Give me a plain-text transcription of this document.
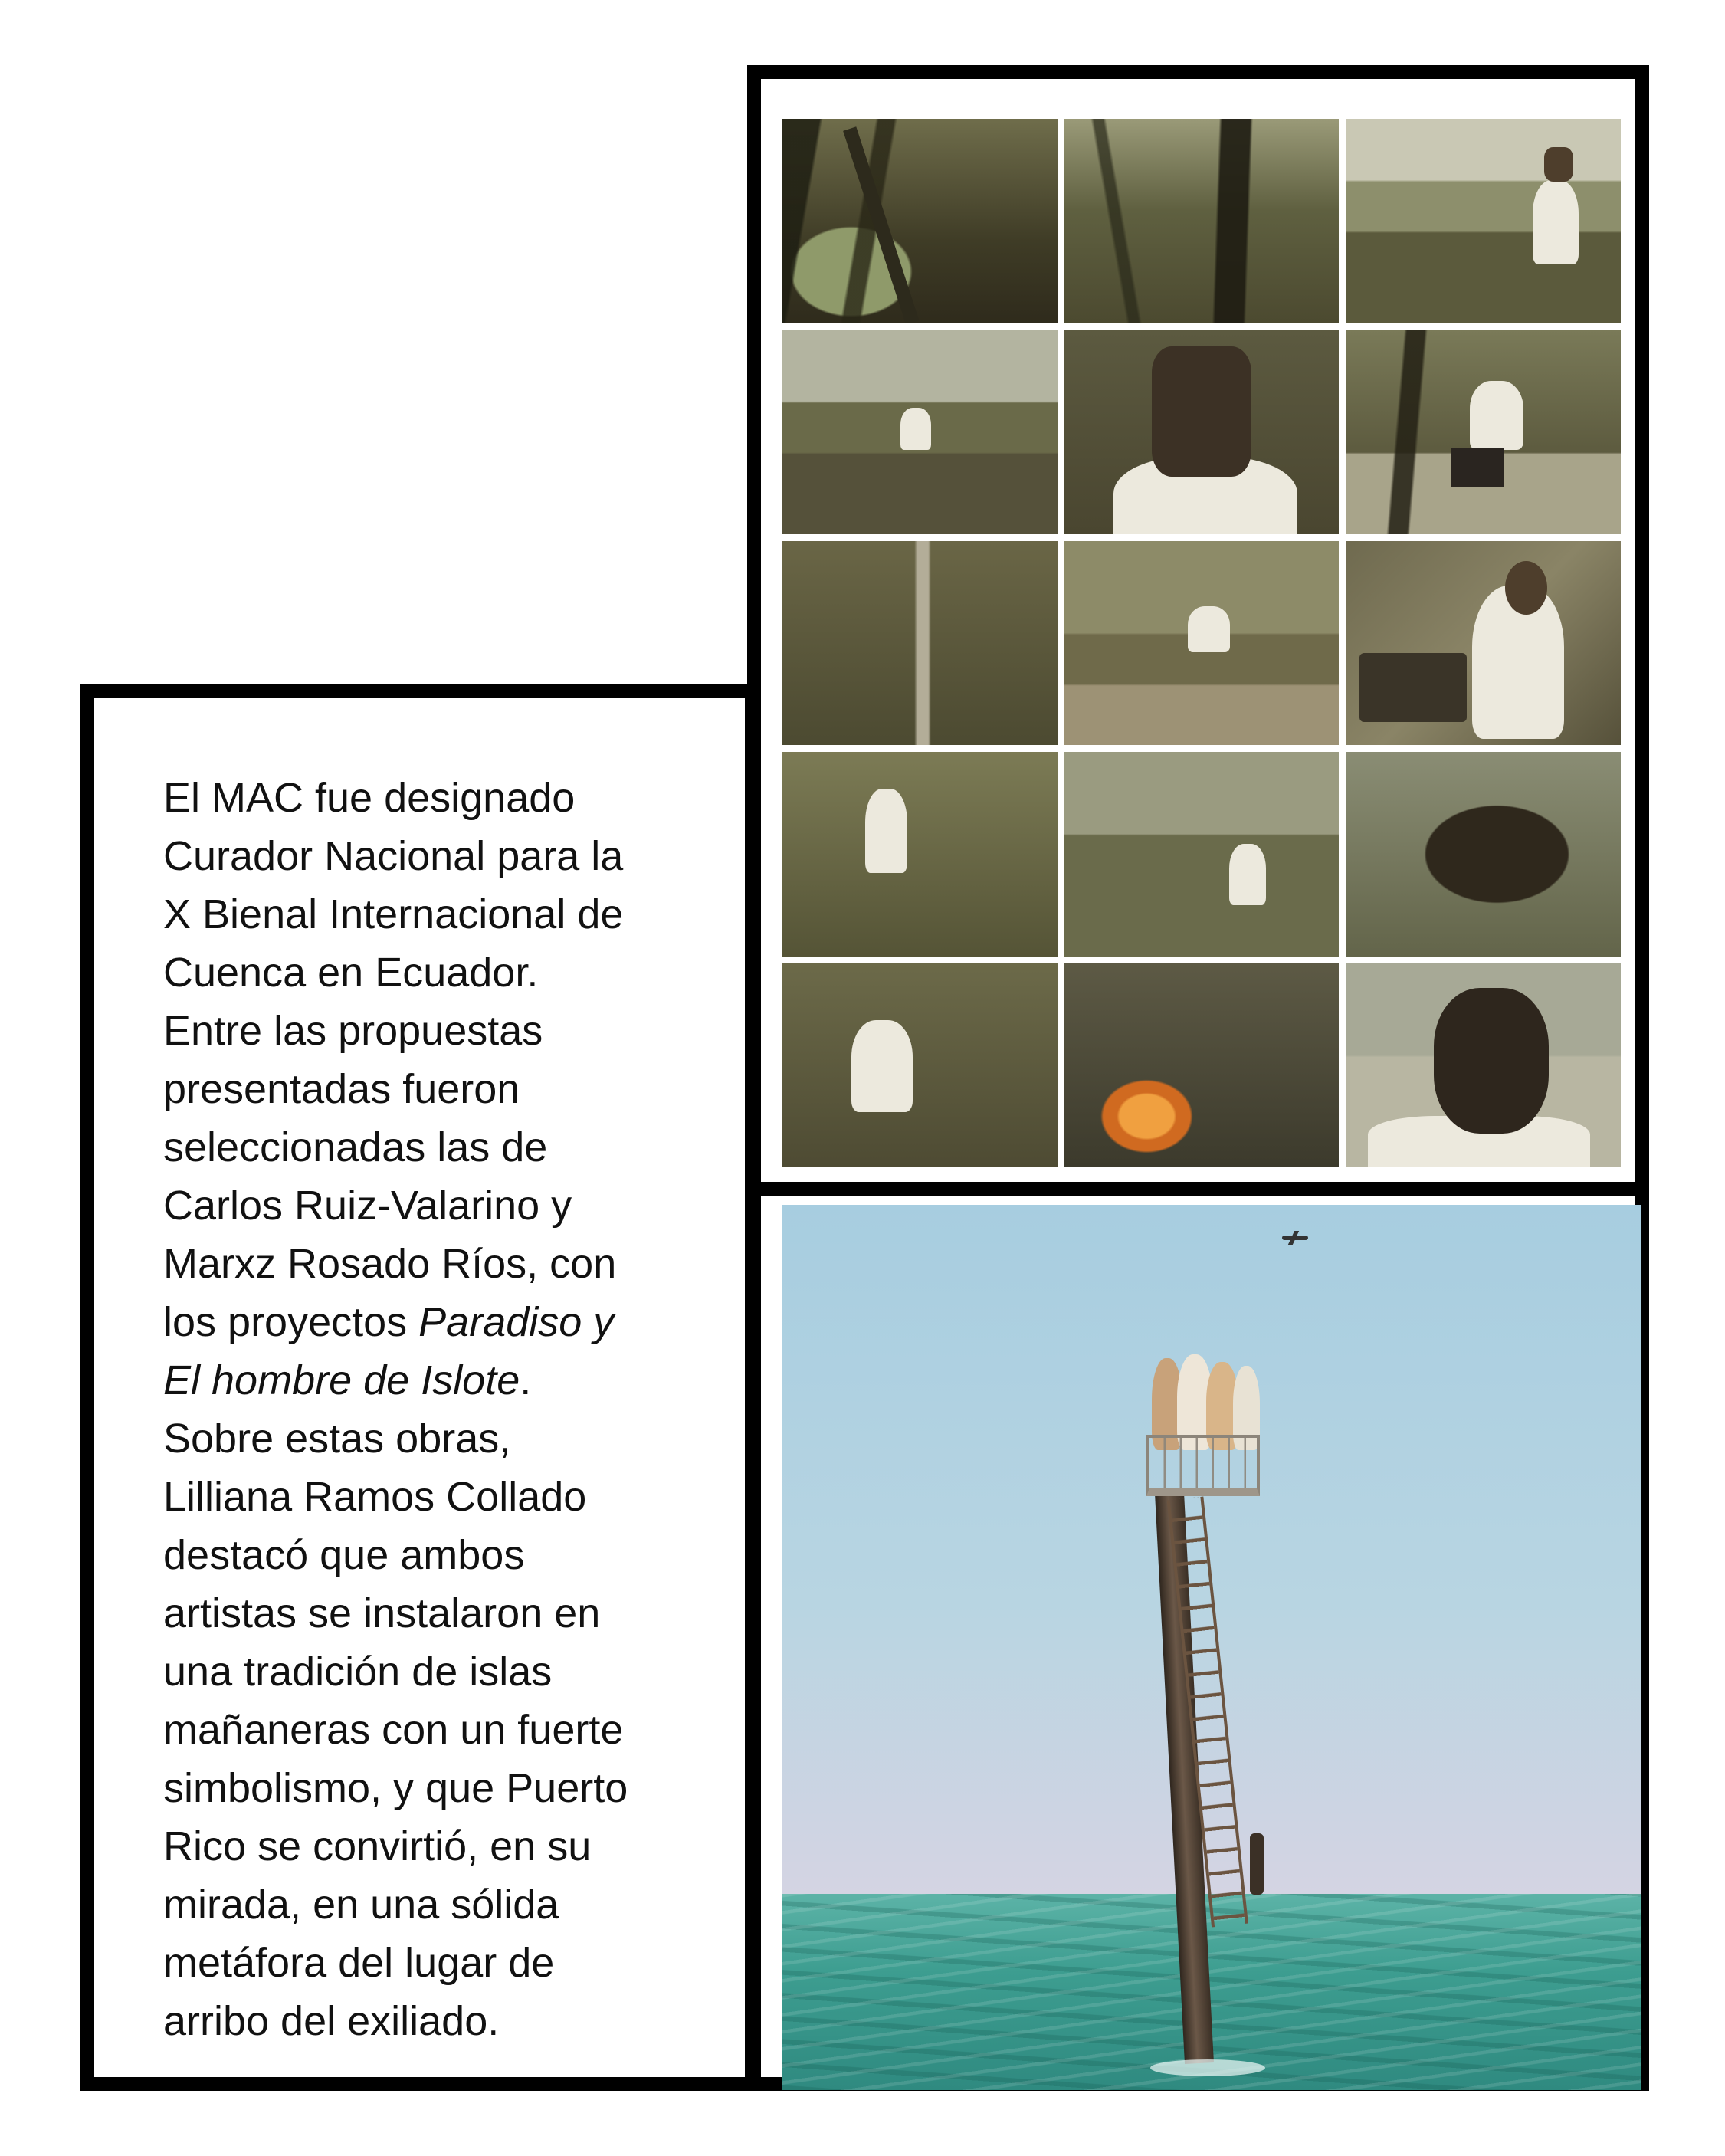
El MAC fue designado
Curador Nacional para la
X Bienal Internacional de
Cuenca en Ecuador.
Entre las propuestas
presentadas fueron
seleccionadas las de
Carlos Ruiz-Valarino y
Marxz Rosado Ríos, con
los proyectos Paradiso y
El hombre de Islote.
Sobre estas obras,
Lilliana Ramos Collado
destacó que ambos
artistas se instalaron en
una tradición de islas
mañaneras con un fuerte
simbolismo, y que Puerto
Rico se convirtió, en su
mirada, en una sólida
metáfora del lugar de
arribo del exiliado.
